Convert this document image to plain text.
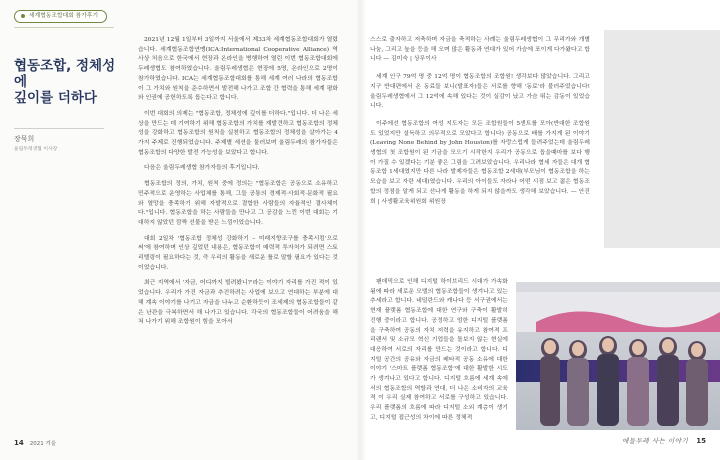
세계협동조합대회 참가후기
협동조합, 정체성에
깊이를 더하다
장묵희
울림두레생협 이사장

2021년 12월 1일부터 3일까지 서울에서 제33차 세계협동조합대회가 열렸습니다. 세계협동조합연맹(ICA:International Cooperative Alliance) 역사상 처음으로 한국에서 현장과 온라인을 병행하여 열린 이번 협동조합대회에 두레생협도 참여하였습니다. 울림두레생협은 현장에 5명, 온라인으로 2명이 참가하였습니다. ICA는 세계협동조합대회를 통해 세계 여러 나라의 협동조합이 그 가치와 원칙을 준수하면서 발전해 나가고 조합 간 협력을 통해 세계 평화와 인권에 공헌하도록 돕는다고 합니다.

이번 대회의 의제는 "협동조합, 정체성에 깊이를 더하다."입니다. 더 나은 세상을 만드는 데 기여하기 위해 협동조합의 가치를 재발견하고 협동조합의 정체성을 강화하고 협동조합의 원칙을 실천하고 협동조합의 정체성을 살아가는 4가지 주제로 진행되었습니다. 주제별 세션을 둘러보며 울림두레의 참가자들은 협동조합의 다양한 발전 가능성을 보았다고 합니다.

다음은 울림두레생협 참가자들의 후기입니다.

협동조합의 정의, 가치, 원칙 중에 정의는 "협동조합은 공동으로 소유하고 민주적으로 운영하는 사업체를 통해, 그들 공통의 경제적·사회적·문화적 필요와 열망을 충족하기 위해 자발적으로 결합한 사람들의 자율적인 결사체이다."입니다. 협동조합을 하는 사람들을 만나고 그 공감을 느낀 이번 대회는 기대하지 않았던 깜짝 선물을 받은 느낌이었습니다.

대회 2일차 '협동조합 정체성 강화하기 – 미래지향조구를 충족시킴'으로써'에 참여하며 인상 깊었던 내용은, 협동조합이 매력적 투자처가 되려면 스토리텔링이 필요하다는 것, 즉 우리의 활동을 새로운 틀로 말할 필요가 있다는 것이었습니다.

최근 지역에서 '자금, 어디까지 빌려봤니?'라는 이야기 자리를 가진 적이 있었습니다. 우리가 가진 자금과 추진하려는 사업에 보으고 연대하는 부분에 대해 계속 이야기를 나기고 자금을 나누고 순환하듯이 조세제의 협동조합들이 같은 난관을 극복하면서 해 나가고 있습니다. 각국의 협동조합들이 어려움을 해쳐 나가기 위해 조합원이 힘을 모아서

스스로 출자하고 저축하며 자금을 축적하는 사례는 울림두레생협이 그 무리가와 개별 나눔, 그리고 높을 등을 해 오며 많은 활동과 연대가 있어 가슴에 포이게 다가왔다고 합니다 — 김미숙 | 상무이사

세계 인구 79억 명 중 12억 명이 협동조합의 조합원! 생각보다 많았습니다. 그리고 지구 반대편에서 온 동료들 보니(발표자)들은 서로를 향해 '동료'라 불러주었습니다! 울림두레생협에서 그 12억에 속해 있다는 것이 실감이 났고 가슴 뛰는 감동이 있었습니다.

이주에선 협동조합의 여성 지도자는 모든 조합원들이 5센트를 모아(반대한 조합원도 있었지만 설득하고 의무적으로 모았다고 합니다) 공동으로 배를 가지게 된 이야기(Leaving None Behind by John Houston)를 자랑스럽게 들려주었는데 울림두레생협의 첫 조합원이 된 기금을 모으기 시작한지 우리가 공동으로 돕을때마를 보다 행 이 가질 수 있겠다는 기분 좋은 그림을 그려보았습니다. 우리나라 협세 자들은 대개 협동조합 1세대였지만 다른 나라 발제자들은 협동조합 2세대(부모님이 협동조합을 하는 모습을 보고 자란 세대)였습니다. 우리의 아이들도 자라나 어떤 시점 보고 젊은 협동조합의 정점을 알게 되고 선나게 활동을 하게 되지 않을까도 생각해 보았습니다. — 안진희 | 사생활교육위원회 위원장

팬데믹으로 인해 디지털 하이브리드 시대가 가속화됨에 따라 새로운 모델의 협동조합들이 생겨나고 있는 추세라고 합니다. 네덜란드와 캐나다 등 서구권에서는 현재 플랫폼 협동조합에 대한 연구와 구축이 활발히 진행 중이라고 합니다. 공정하고 엄한 디지털 플랫폼을 구축하여 공동의 자치 저력을 유지하고 참여적 프리랜서 및 소규모 혁신 기업들을 돌보지 않는 현실에 대응하여 서로의 자리를 만드는 것이라고 합니다. 디지털 공간의 공유와 자금의 배타적 공동 소유에 대한 이야기 '스마트 플랫폼 협동조합'에 대한 활발한 시도가 생겨나고 있다고 합니다. 디지털 흐름에 세계 속에서의 협동조합의 역할과 연대, 더 나은 소비자의 교육적 이 우리 실제 참여하고 서로를 구성하고 있습니다. 우리 플랫폼의 흐름에 따라 디지털 소외 계층이 생기고, 디지털 접근성의 차이에 따른 정체적

14 2021 겨울	애들두레 사는 이야기 15
